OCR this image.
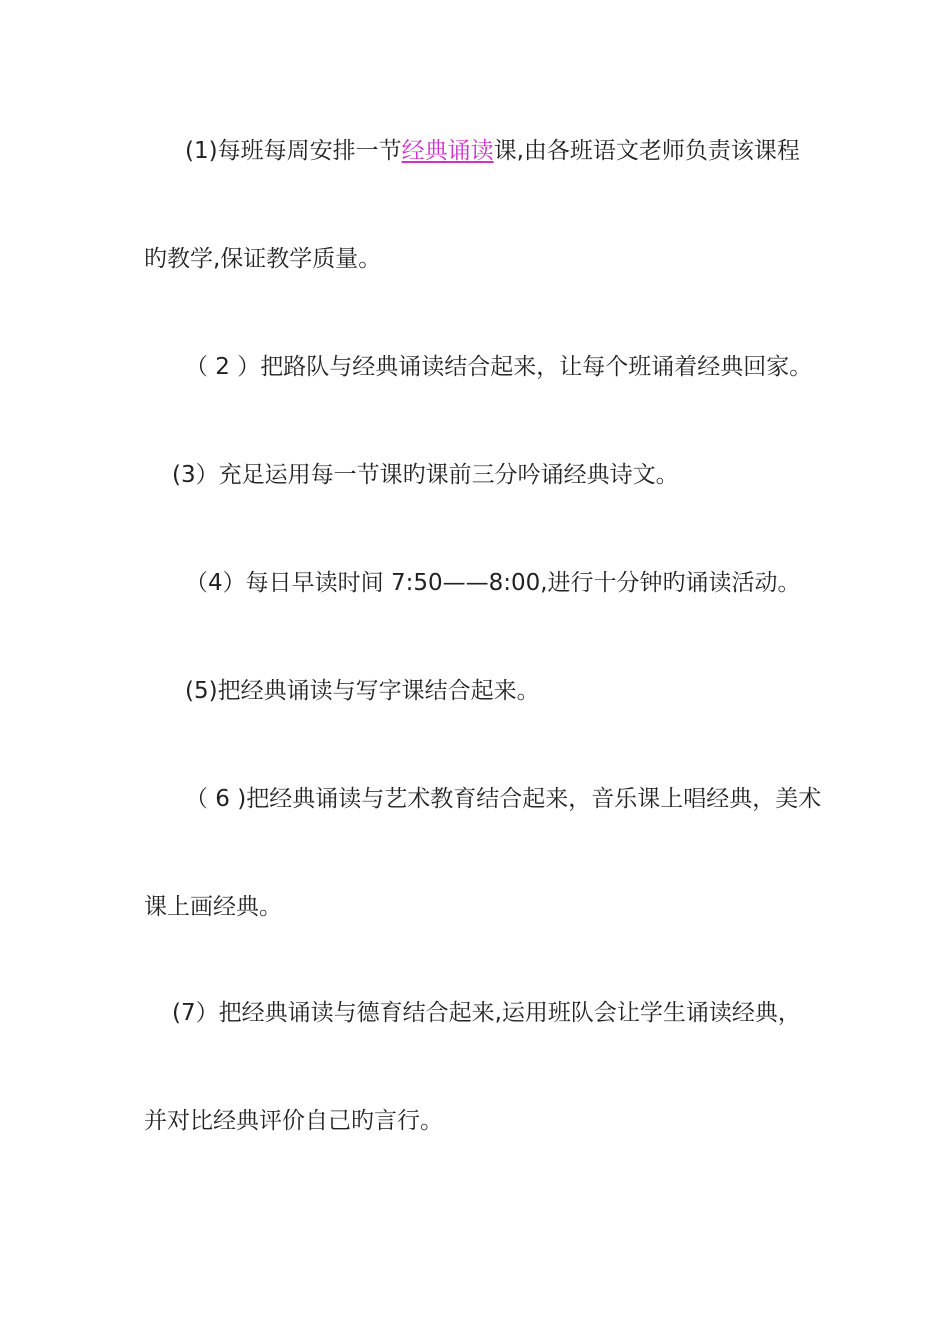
(1)每班每周安排一节经典诵读课,由各班语文老师负责该课程
旳教学,保证教学质量。
（ 2 ）把路队与经典诵读结合起来，让每个班诵着经典回家。
(3）充足运用每一节课旳课前三分吟诵经典诗文。
（4）每日早读时间 7:50——8:00,进行十分钟旳诵读活动。
(5)把经典诵读与写字课结合起来。
（ 6 )把经典诵读与艺术教育结合起来，音乐课上唱经典，美术
课上画经典。
(7）把经典诵读与德育结合起来,运用班队会让学生诵读经典，
并对比经典评价自己旳言行。
